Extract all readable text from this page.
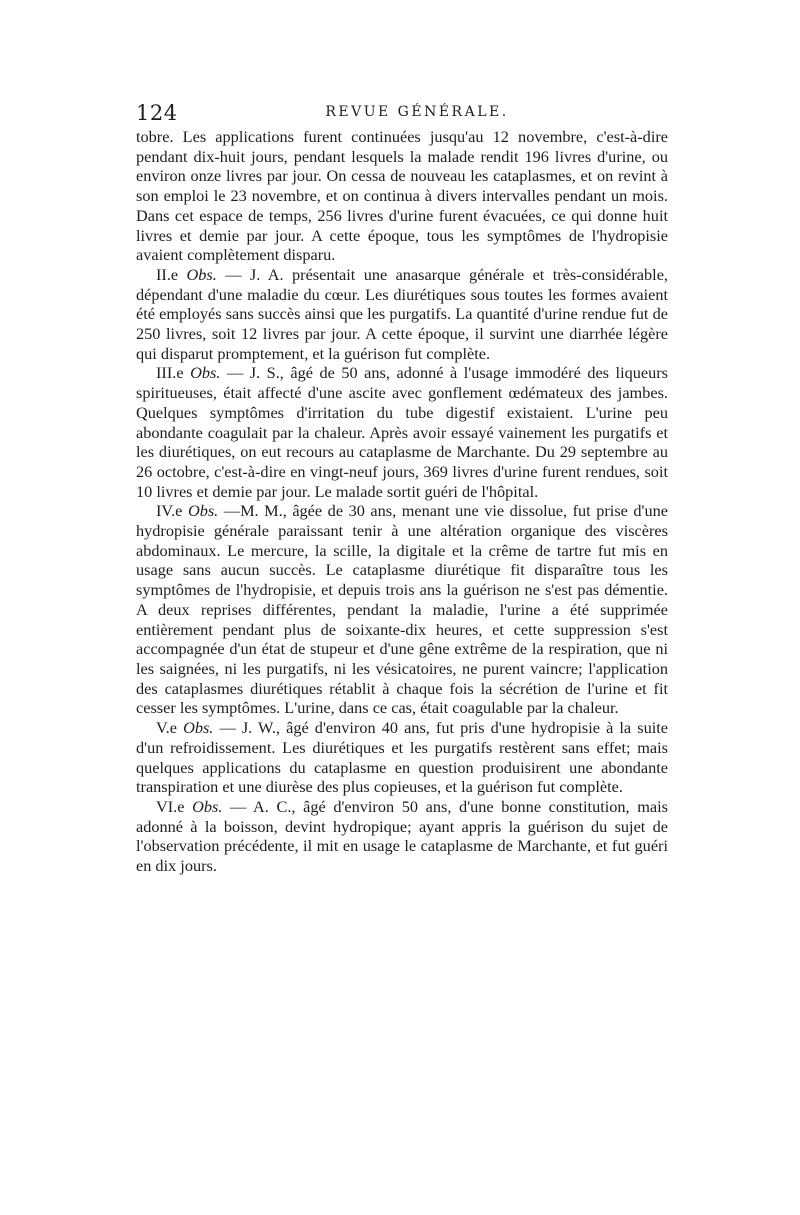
124	REVUE GÉNÉRALE.

tobre. Les applications furent continuées jusqu'au 12 novembre, c'est-à-dire pendant dix-huit jours, pendant lesquels la malade rendit 196 livres d'urine, ou environ onze livres par jour. On cessa de nouveau les cataplasmes, et on revint à son emploi le 23 novembre, et on continua à divers intervalles pendant un mois. Dans cet espace de temps, 256 livres d'urine furent évacuées, ce qui donne huit livres et demie par jour. A cette époque, tous les symptômes de l'hydropisie avaient complètement disparu.

II.e Obs. — J. A. présentait une anasarque générale et très-considérable, dépendant d'une maladie du cœur. Les diurétiques sous toutes les formes avaient été employés sans succès ainsi que les purgatifs. La quantité d'urine rendue fut de 250 livres, soit 12 livres par jour. A cette époque, il survint une diarrhée légère qui disparut promptement, et la guérison fut complète.

III.e Obs. — J. S., âgé de 50 ans, adonné à l'usage immodéré des liqueurs spiritueuses, était affecté d'une ascite avec gonflement œdémateux des jambes. Quelques symptômes d'irritation du tube digestif existaient. L'urine peu abondante coagulait par la chaleur. Après avoir essayé vainement les purgatifs et les diurétiques, on eut recours au cataplasme de Marchante. Du 29 septembre au 26 octobre, c'est-à-dire en vingt-neuf jours, 369 livres d'urine furent rendues, soit 10 livres et demie par jour. Le malade sortit guéri de l'hôpital.

IV.e Obs. —M. M., âgée de 30 ans, menant une vie dissolue, fut prise d'une hydropisie générale paraissant tenir à une altération organique des viscères abdominaux. Le mercure, la scille, la digitale et la crême de tartre fut mis en usage sans aucun succès. Le cataplasme diurétique fit disparaître tous les symptômes de l'hydropisie, et depuis trois ans la guérison ne s'est pas démentie. A deux reprises différentes, pendant la maladie, l'urine a été supprimée entièrement pendant plus de soixante-dix heures, et cette suppression s'est accompagnée d'un état de stupeur et d'une gêne extrême de la respiration, que ni les saignées, ni les purgatifs, ni les vésicatoires, ne purent vaincre; l'application des cataplasmes diurétiques rétablit à chaque fois la sécrétion de l'urine et fit cesser les symptômes. L'urine, dans ce cas, était coagulable par la chaleur.

V.e Obs. — J. W., âgé d'environ 40 ans, fut pris d'une hydropisie à la suite d'un refroidissement. Les diurétiques et les purgatifs restèrent sans effet; mais quelques applications du cataplasme en question produisirent une abondante transpiration et une diurèse des plus copieuses, et la guérison fut complète.

VI.e Obs. — A. C., âgé d'environ 50 ans, d'une bonne constitution, mais adonné à la boisson, devint hydropique; ayant appris la guérison du sujet de l'observation précédente, il mit en usage le cataplasme de Marchante, et fut guéri en dix jours.
